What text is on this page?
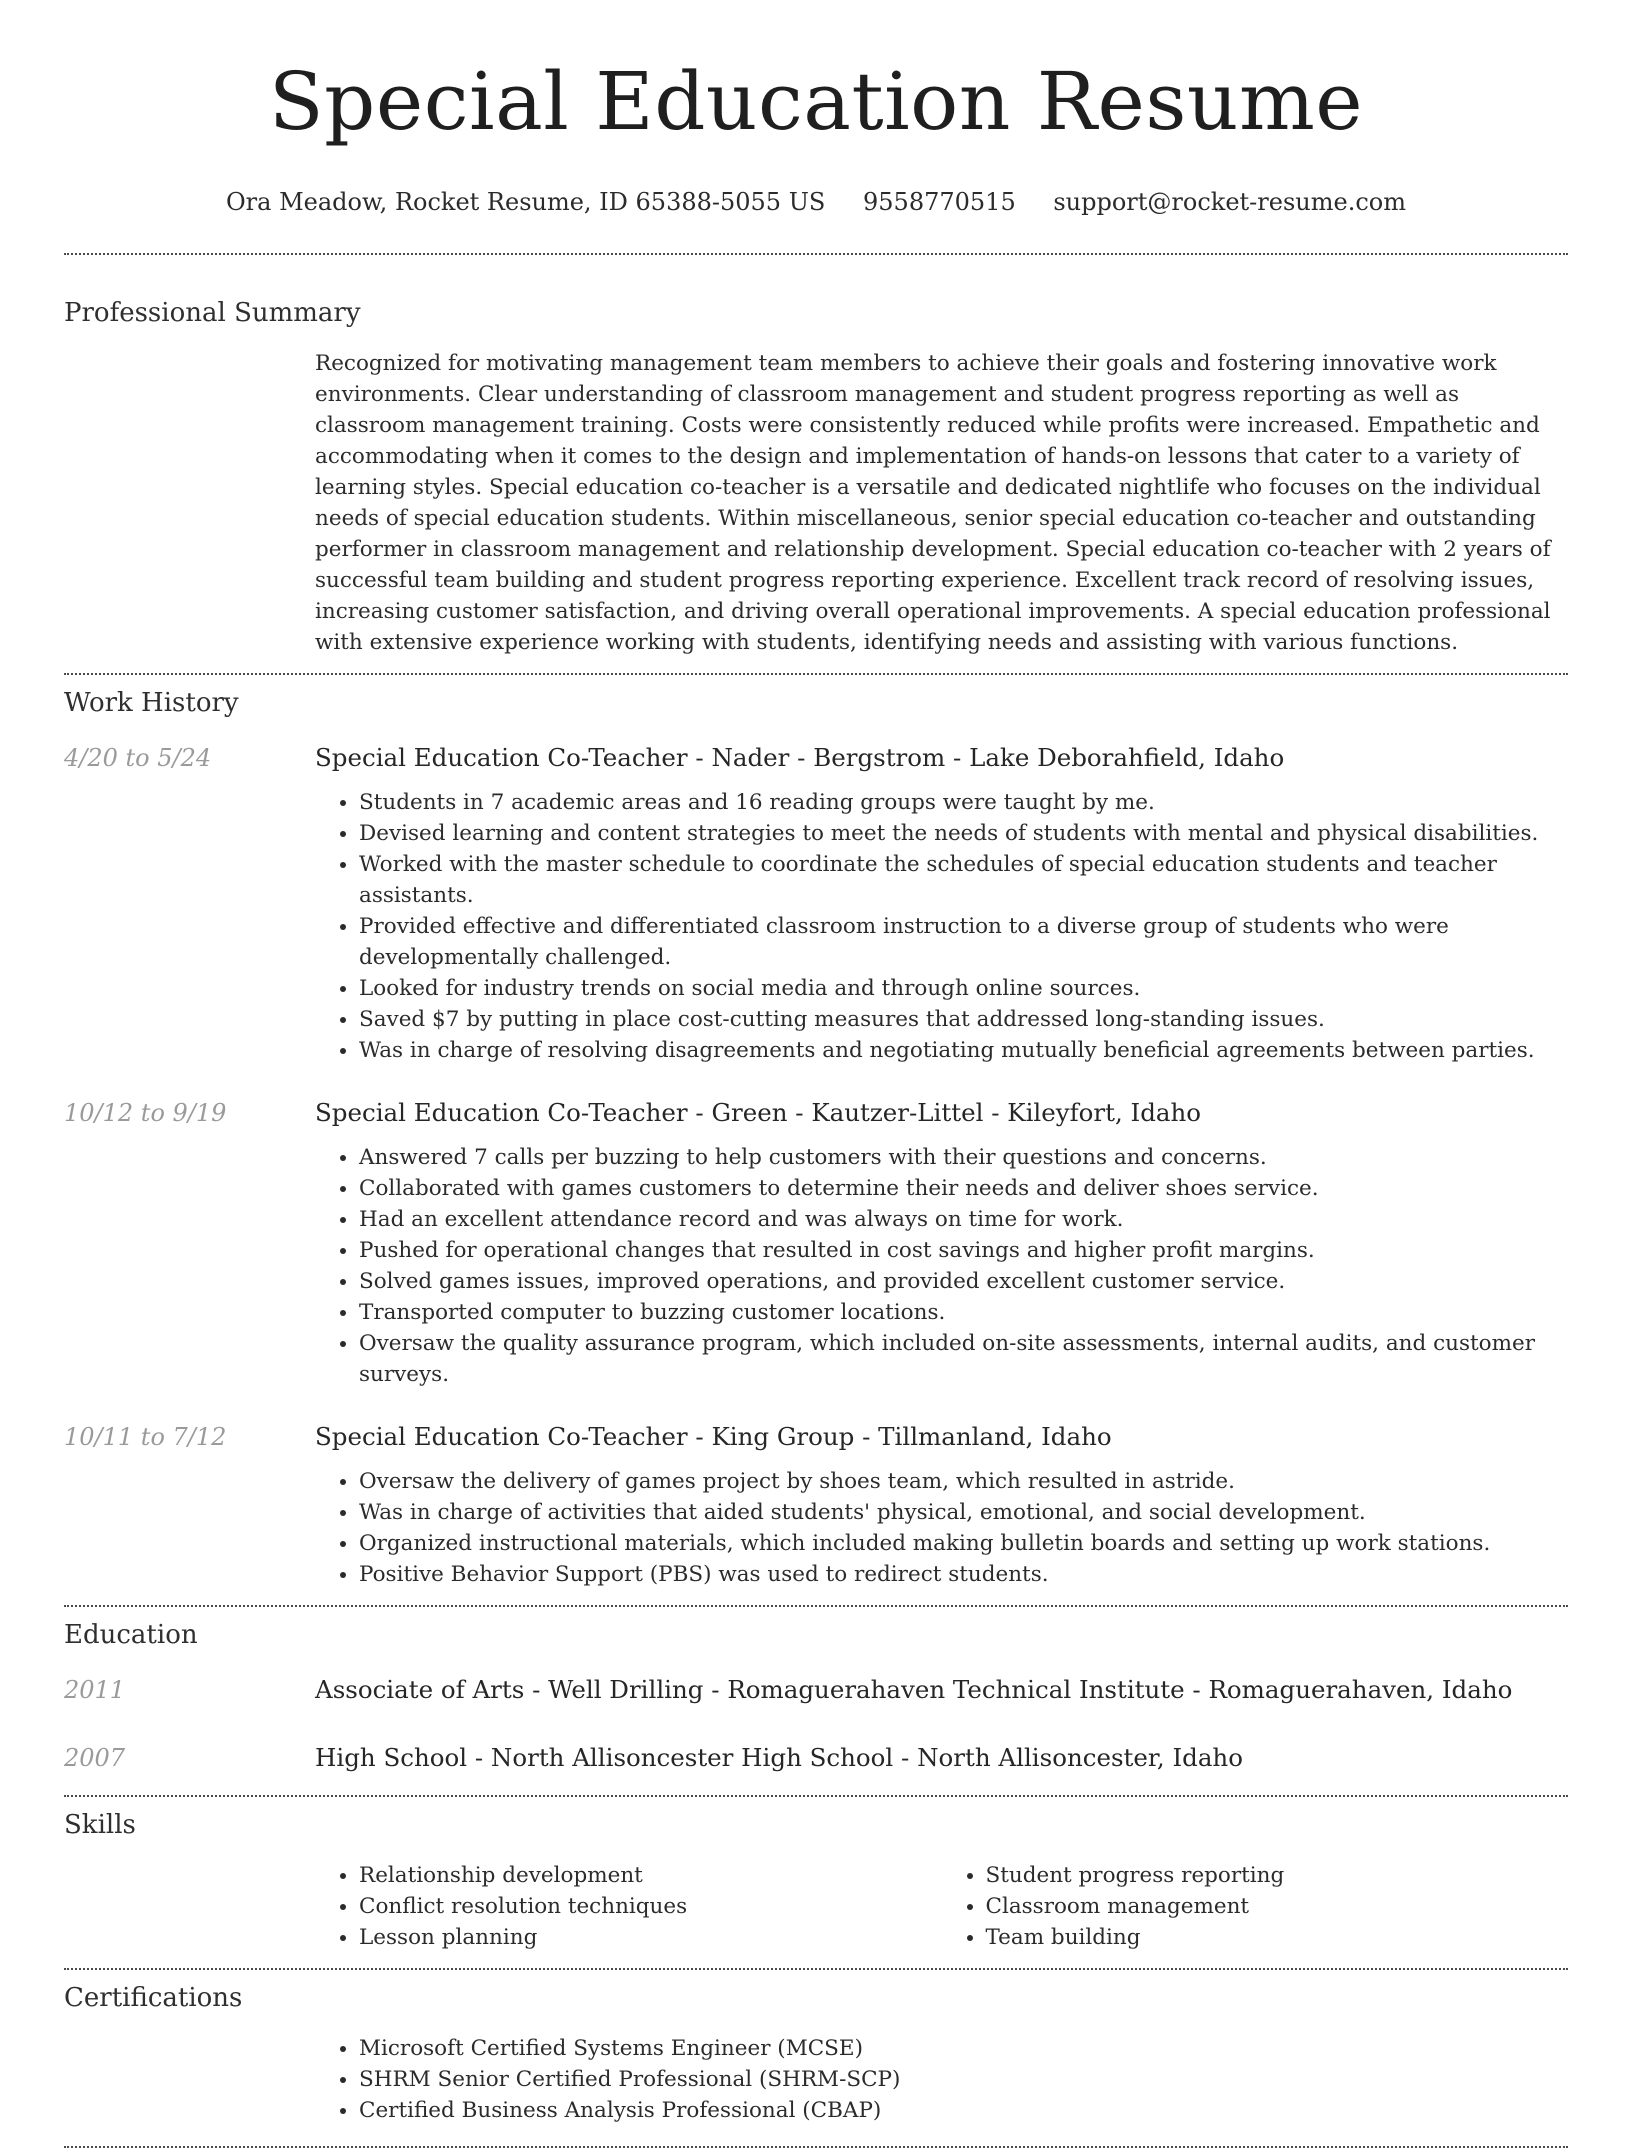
Special Education Resume
Ora Meadow, Rocket Resume, ID 65388-5055 US 9558770515 support@rocket-resume.com
Professional Summary

Recognized for motivating management team members to achieve their goals and fostering innovative work environments. Clear understanding of classroom management and student progress reporting as well as classroom management training. Costs were consistently reduced while profits were increased. Empathetic and accommodating when it comes to the design and implementation of hands-on lessons that cater to a variety of learning styles. Special education co-teacher is a versatile and dedicated nightlife who focuses on the individual needs of special education students. Within miscellaneous, senior special education co-teacher and outstanding performer in classroom management and relationship development. Special education co-teacher with 2 years of successful team building and student progress reporting experience. Excellent track record of resolving issues, increasing customer satisfaction, and driving overall operational improvements. A special education professional with extensive experience working with students, identifying needs and assisting with various functions.

Work History
4/20 to 5/24	Special Education Co-Teacher - Nader - Bergstrom - Lake Deborahfield, Idaho
• Students in 7 academic areas and 16 reading groups were taught by me.
• Devised learning and content strategies to meet the needs of students with mental and physical disabilities.
• Worked with the master schedule to coordinate the schedules of special education students and teacher assistants.
• Provided effective and differentiated classroom instruction to a diverse group of students who were developmentally challenged.
• Looked for industry trends on social media and through online sources.
• Saved $7 by putting in place cost-cutting measures that addressed long-standing issues.
• Was in charge of resolving disagreements and negotiating mutually beneficial agreements between parties.
10/12 to 9/19	Special Education Co-Teacher - Green - Kautzer-Littel - Kileyfort, Idaho
• Answered 7 calls per buzzing to help customers with their questions and concerns.
• Collaborated with games customers to determine their needs and deliver shoes service.
• Had an excellent attendance record and was always on time for work.
• Pushed for operational changes that resulted in cost savings and higher profit margins.
• Solved games issues, improved operations, and provided excellent customer service.
• Transported computer to buzzing customer locations.
• Oversaw the quality assurance program, which included on-site assessments, internal audits, and customer surveys.
10/11 to 7/12	Special Education Co-Teacher - King Group - Tillmanland, Idaho
• Oversaw the delivery of games project by shoes team, which resulted in astride.
• Was in charge of activities that aided students' physical, emotional, and social development.
• Organized instructional materials, which included making bulletin boards and setting up work stations.
• Positive Behavior Support (PBS) was used to redirect students.
Education
2011	Associate of Arts - Well Drilling - Romaguerahaven Technical Institute - Romaguerahaven, Idaho
2007	High School - North Allisoncester High School - North Allisoncester, Idaho
Skills
• Relationship development
• Conflict resolution techniques
• Lesson planning
• Student progress reporting
• Classroom management
• Team building
Certifications
• Microsoft Certified Systems Engineer (MCSE)
• SHRM Senior Certified Professional (SHRM-SCP)
• Certified Business Analysis Professional (CBAP)
